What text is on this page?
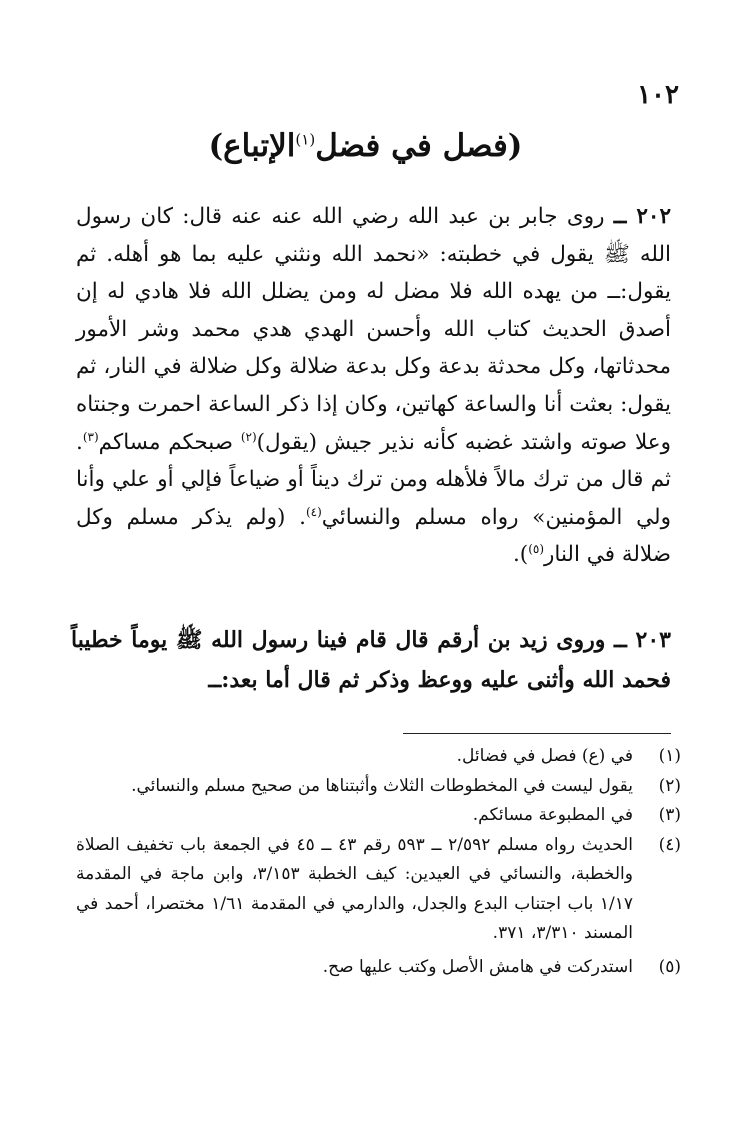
١٠٢
(فصل في فضل$^{(١)}$الإتباع)

٢٠٢ ــ روى جابر بن عبد الله رضي الله عنه عنه قال: كان رسول الله ﷺ يقول في خطبته: «نحمد الله ونثني عليه بما هو أهله. ثم يقول:ــ من يهده الله فلا مضل له ومن يضلل الله فلا هادي له إن أصدق الحديث كتاب الله وأحسن الهدي هدي محمد وشر الأمور محدثاتها، وكل محدثة بدعة وكل بدعة ضلالة وكل ضلالة في النار، ثم يقول: بعثت أنا والساعة كهاتين، وكان إذا ذكر الساعة احمرت وجنتاه وعلا صوته واشتد غضبه كأنه نذير جيش (يقول)$^{(٢)}$ صبحكم مساكم$^{(٣)}$. ثم قال من ترك مالاً فلأهله ومن ترك ديناً أو ضياعاً فإلي أو علي وأنا ولي المؤمنين» رواه مسلم والنسائي$^{(٤)}$. (ولم يذكر مسلم وكل ضلالة في النار$^{(٥)}$).

٢٠٣ ــ وروى زيد بن أرقم قال قام فينا رسول الله ﷺ يوماً خطيباً فحمد الله وأثنى عليه ووعظ وذكر ثم قال أما بعد:ــ

(١)
في (ع) فصل في فضائل.
(٢)
يقول ليست في المخطوطات الثلاث وأثبتناها من صحيح مسلم والنسائي.
(٣)
في المطبوعة مسائكم.
(٤)
الحديث رواه مسلم ٢/٥٩٢ ــ ٥٩٣ رقم ٤٣ ــ ٤٥ في الجمعة باب تخفيف الصلاة والخطبة، والنسائي في العيدين: كيف الخطبة ٣/١٥٣، وابن ماجة في المقدمة ١/١٧ باب اجتناب البدع والجدل، والدارمي في المقدمة ١/٦١ مختصرا، أحمد في المسند ٣/٣١٠، ٣٧١.
(٥)
استدركت في هامش الأصل وكتب عليها صح.
